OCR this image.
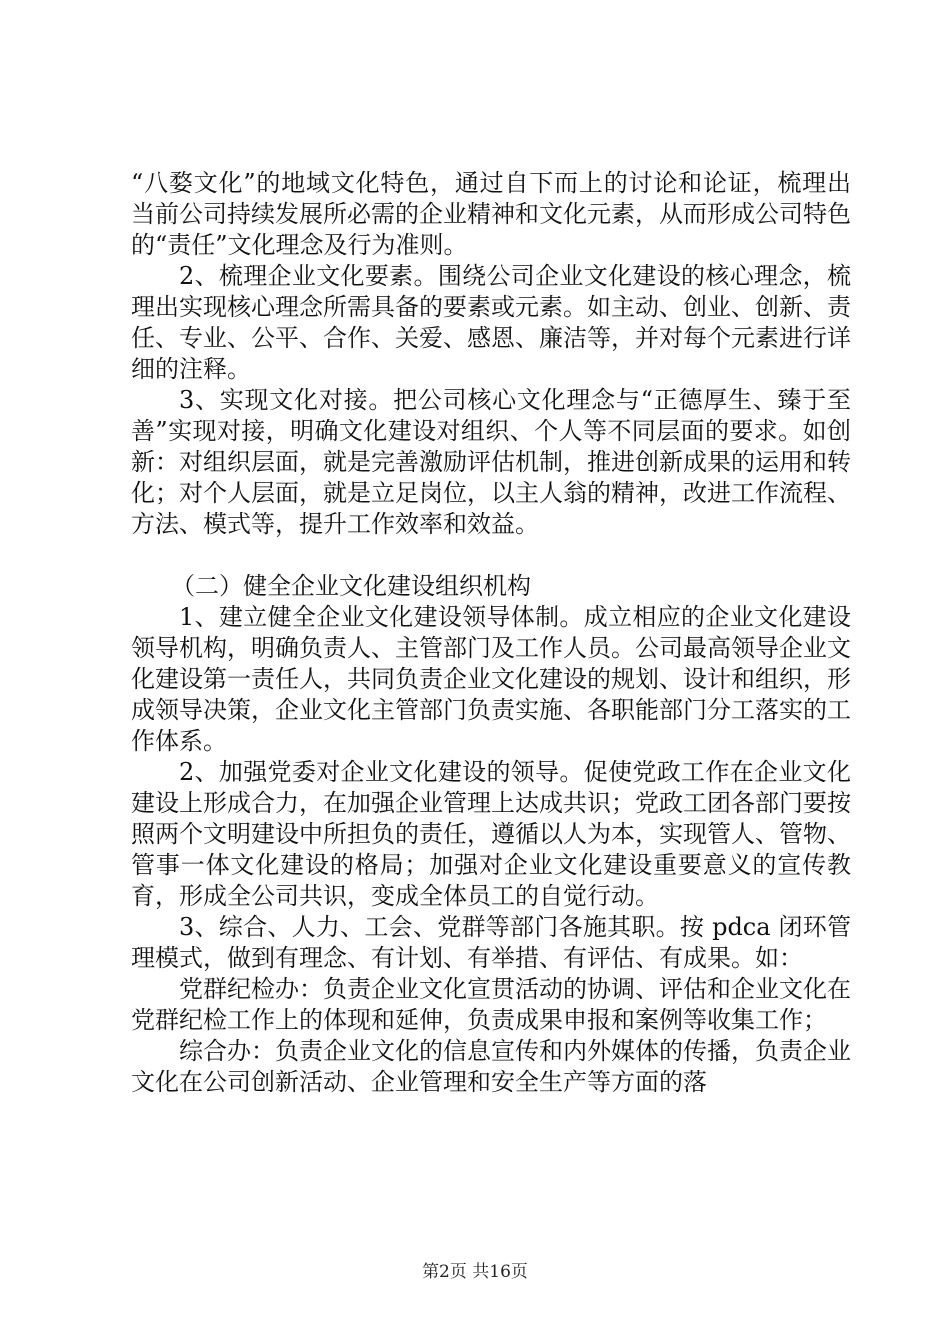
“八婺文化”的地域文化特色，通过自下而上的讨论和论证，梳理出当前公司持续发展所必需的企业精神和文化元素，从而形成公司特色的“责任”文化理念及行为准则。

2、梳理企业文化要素。围绕公司企业文化建设的核心理念，梳理出实现核心理念所需具备的要素或元素。如主动、创业、创新、责任、专业、公平、合作、关爱、感恩、廉洁等，并对每个元素进行详细的注释。

3、实现文化对接。把公司核心文化理念与“正德厚生、臻于至善”实现对接，明确文化建设对组织、个人等不同层面的要求。如创新：对组织层面，就是完善激励评估机制，推进创新成果的运用和转化；对个人层面，就是立足岗位，以主人翁的精神，改进工作流程、方法、模式等，提升工作效率和效益。

（二）健全企业文化建设组织机构

1、建立健全企业文化建设领导体制。成立相应的企业文化建设领导机构，明确负责人、主管部门及工作人员。公司最高领导企业文化建设第一责任人，共同负责企业文化建设的规划、设计和组织，形成领导决策，企业文化主管部门负责实施、各职能部门分工落实的工作体系。

2、加强党委对企业文化建设的领导。促使党政工作在企业文化建设上形成合力，在加强企业管理上达成共识；党政工团各部门要按照两个文明建设中所担负的责任，遵循以人为本，实现管人、管物、管事一体文化建设的格局；加强对企业文化建设重要意义的宣传教育，形成全公司共识，变成全体员工的自觉行动。

3、综合、人力、工会、党群等部门各施其职。按 pdca 闭环管理模式，做到有理念、有计划、有举措、有评估、有成果。如：

党群纪检办：负责企业文化宣贯活动的协调、评估和企业文化在党群纪检工作上的体现和延伸，负责成果申报和案例等收集工作；

综合办：负责企业文化的信息宣传和内外媒体的传播，负责企业文化在公司创新活动、企业管理和安全生产等方面的落

第2页 共16页
